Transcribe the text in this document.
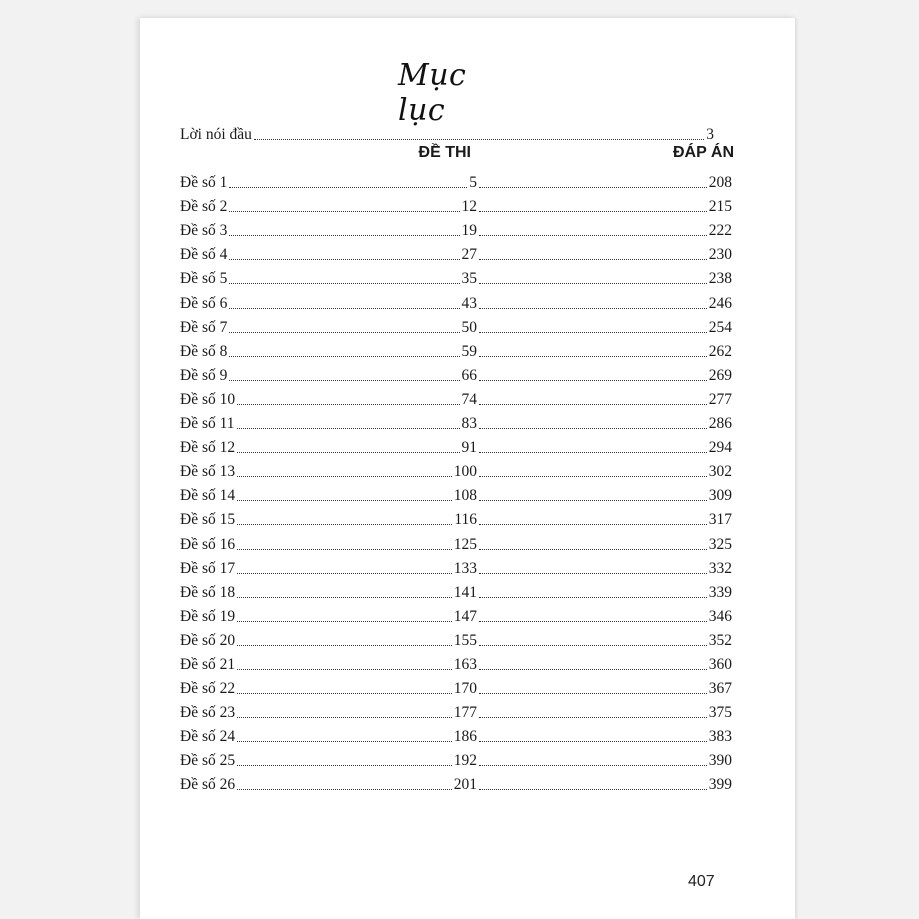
Mục lục
Lời nói đầu	3
ĐỀ THI	ĐÁP ÁN
Đề số 1	5	208
Đề số 2	12	215
Đề số 3	19	222
Đề số 4	27	230
Đề số 5	35	238
Đề số 6	43	246
Đề số 7	50	254
Đề số 8	59	262
Đề số 9	66	269
Đề số 10	74	277
Đề số 11	83	286
Đề số 12	91	294
Đề số 13	100	302
Đề số 14	108	309
Đề số 15	116	317
Đề số 16	125	325
Đề số 17	133	332
Đề số 18	141	339
Đề số 19	147	346
Đề số 20	155	352
Đề số 21	163	360
Đề số 22	170	367
Đề số 23	177	375
Đề số 24	186	383
Đề số 25	192	390
Đề số 26	201	399
407
